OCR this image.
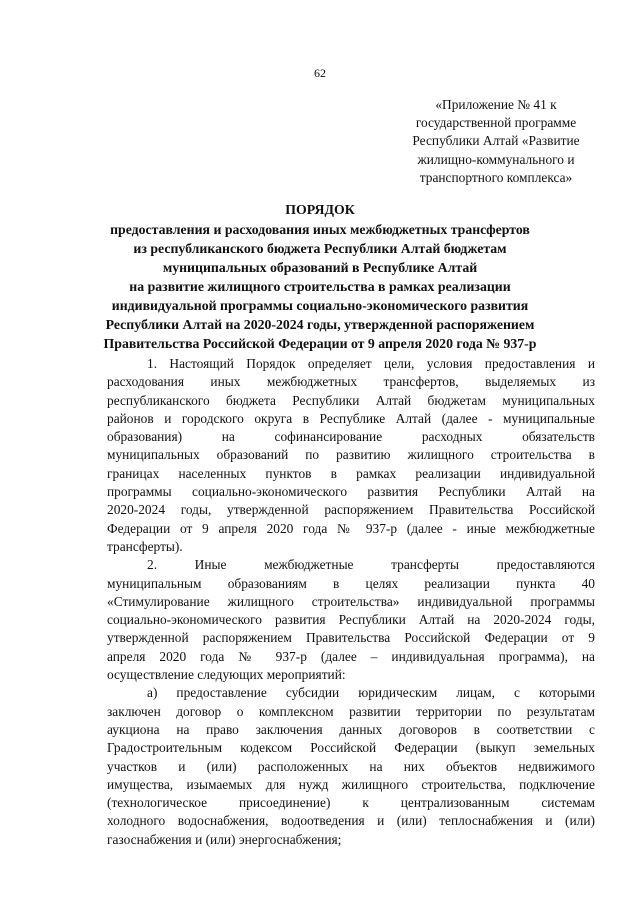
62
«Приложение № 41 к
государственной программе
Республики Алтай «Развитие
жилищно-коммунального и
транспортного комплекса»
ПОРЯДОК
предоставления и расходования иных межбюджетных трансфертов
из республиканского бюджета Республики Алтай бюджетам
муниципальных образований в Республике Алтай
на развитие жилищного строительства в рамках реализации
индивидуальной программы социально-экономического развития
Республики Алтай на 2020-2024 годы, утвержденной распоряжением
Правительства Российской Федерации от 9 апреля 2020 года № 937-р
1. Настоящий Порядок определяет цели, условия предоставления и
расходования иных межбюджетных трансфертов, выделяемых из
республиканского бюджета Республики Алтай бюджетам муниципальных
районов и городского округа в Республике Алтай (далее - муниципальные
образования) на софинансирование расходных обязательств
муниципальных образований по развитию жилищного строительства в
границах населенных пунктов в рамках реализации индивидуальной
программы социально-экономического развития Республики Алтай на
2020-2024 годы, утвержденной распоряжением Правительства Российской
Федерации от 9 апреля 2020 года № 937-р (далее - иные межбюджетные
трансферты).
2. Иные межбюджетные трансферты предоставляются
муниципальным образованиям в целях реализации пункта 40
«Стимулирование жилищного строительства» индивидуальной программы
социально-экономического развития Республики Алтай на 2020-2024 годы,
утвержденной распоряжением Правительства Российской Федерации от 9
апреля 2020 года № 937-р (далее – индивидуальная программа), на
осуществление следующих мероприятий:
а) предоставление субсидии юридическим лицам, с которыми
заключен договор о комплексном развитии территории по результатам
аукциона на право заключения данных договоров в соответствии с
Градостроительным кодексом Российской Федерации (выкуп земельных
участков и (или) расположенных на них объектов недвижимого
имущества, изымаемых для нужд жилищного строительства, подключение
(технологическое присоединение) к централизованным системам
холодного водоснабжения, водоотведения и (или) теплоснабжения и (или)
газоснабжения и (или) энергоснабжения;
